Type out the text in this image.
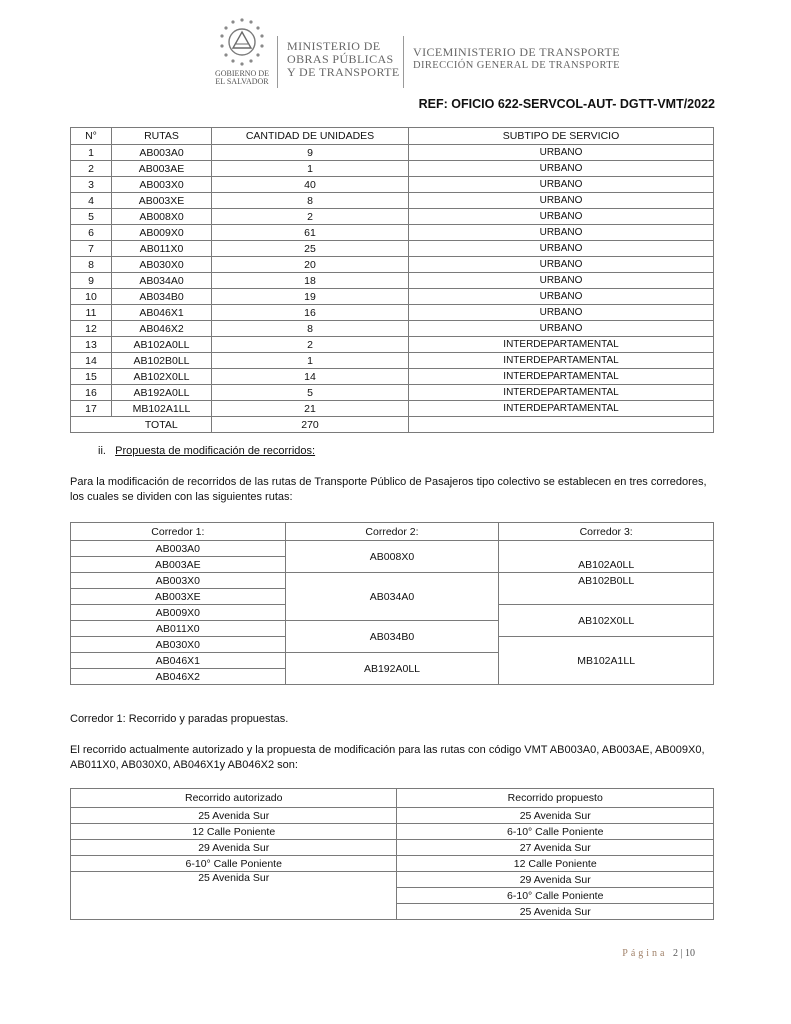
GOBIERNO DE
EL SALVADOR
MINISTERIO DE
OBRAS PÚBLICAS
Y DE TRANSPORTE
VICEMINISTERIO DE TRANSPORTE
DIRECCIÓN GENERAL DE TRANSPORTE
REF: OFICIO 622-SERVCOL-AUT- DGTT-VMT/2022
N°	RUTAS	CANTIDAD DE UNIDADES	SUBTIPO DE SERVICIO
1	AB003A0	9	URBANO
2	AB003AE	1	URBANO
3	AB003X0	40	URBANO
4	AB003XE	8	URBANO
5	AB008X0	2	URBANO
6	AB009X0	61	URBANO
7	AB011X0	25	URBANO
8	AB030X0	20	URBANO
9	AB034A0	18	URBANO
10	AB034B0	19	URBANO
11	AB046X1	16	URBANO
12	AB046X2	8	URBANO
13	AB102A0LL	2	INTERDEPARTAMENTAL
14	AB102B0LL	1	INTERDEPARTAMENTAL
15	AB102X0LL	14	INTERDEPARTAMENTAL
16	AB192A0LL	5	INTERDEPARTAMENTAL
17	MB102A1LL	21	INTERDEPARTAMENTAL
	TOTAL	270	
ii. Propuesta de modificación de recorridos:
Para la modificación de recorridos de las rutas de Transporte Público de Pasajeros tipo colectivo se establecen en tres corredores, los cuales se dividen con las siguientes rutas:
Corredor 1:	Corredor 2:	Corredor 3:
AB003A0	AB008X0	AB102A0LL
AB003AE		
AB003X0	AB034A0	AB102B0LL
AB003XE		
AB009X0		AB102X0LL
AB011X0	AB034B0	
AB030X0		MB102A1LL
AB046X1	AB192A0LL	
AB046X2		
Corredor 1: Recorrido y paradas propuestas.
El recorrido actualmente autorizado y la propuesta de modificación para las rutas con código VMT AB003A0, AB003AE, AB009X0, AB011X0, AB030X0, AB046X1y AB046X2 son:
Recorrido autorizado	Recorrido propuesto
25 Avenida Sur	25 Avenida Sur
12 Calle Poniente	6-10° Calle Poniente
29 Avenida Sur	27 Avenida Sur
6-10° Calle Poniente	12 Calle Poniente
25 Avenida Sur	29 Avenida Sur
	6-10° Calle Poniente
	25 Avenida Sur
Página 2 | 10
